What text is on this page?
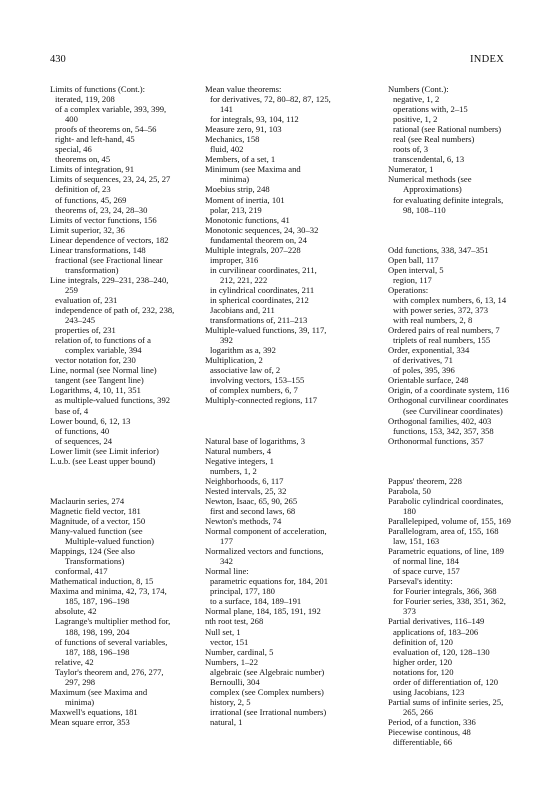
430	INDEX
Limits of functions (Cont.):
iterated, 119, 208
of a complex variable, 393, 399,
400
proofs of theorems on, 54–56
right- and left-hand, 45
special, 46
theorems on, 45
Limits of integration, 91
Limits of sequences, 23, 24, 25, 27
definition of, 23
of functions, 45, 269
theorems of, 23, 24, 28–30
Limits of vector functions, 156
Limit superior, 32, 36
Linear dependence of vectors, 182
Linear transformations, 148
fractional (see Fractional linear
transformation)
Line integrals, 229–231, 238–240,
259
evaluation of, 231
independence of path of, 232, 238,
243–245
properties of, 231
relation of, to functions of a
complex variable, 394
vector notation for, 230
Line, normal (see Normal line)
tangent (see Tangent line)
Logarithms, 4, 10, 11, 351
as multiple-valued functions, 392
base of, 4
Lower bound, 6, 12, 13
of functions, 40
of sequences, 24
Lower limit (see Limit inferior)
L.u.b. (see Least upper bound)
Maclaurin series, 274
Magnetic field vector, 181
Magnitude, of a vector, 150
Many-valued function (see
Multiple-valued function)
Mappings, 124 (See also
Transformations)
conformal, 417
Mathematical induction, 8, 15
Maxima and minima, 42, 73, 174,
185, 187, 196–198
absolute, 42
Lagrange's multiplier method for,
188, 198, 199, 204
of functions of several variables,
187, 188, 196–198
relative, 42
Taylor's theorem and, 276, 277,
297, 298
Maximum (see Maxima and
minima)
Maxwell's equations, 181
Mean square error, 353
Mean value theorems:
for derivatives, 72, 80–82, 87, 125,
141
for integrals, 93, 104, 112
Measure zero, 91, 103
Mechanics, 158
fluid, 402
Members, of a set, 1
Minimum (see Maxima and
minima)
Moebius strip, 248
Moment of inertia, 101
polar, 213, 219
Monotonic functions, 41
Monotonic sequences, 24, 30–32
fundamental theorem on, 24
Multiple integrals, 207–228
improper, 316
in curvilinear coordinates, 211,
212, 221, 222
in cylindrical coordinates, 211
in spherical coordinates, 212
Jacobians and, 211
transformations of, 211–213
Multiple-valued functions, 39, 117,
392
logarithm as a, 392
Multiplication, 2
associative law of, 2
involving vectors, 153–155
of complex numbers, 6, 7
Multiply-connected regions, 117
Natural base of logarithms, 3
Natural numbers, 4
Negative integers, 1
numbers, 1, 2
Neighborhoods, 6, 117
Nested intervals, 25, 32
Newton, Isaac, 65, 90, 265
first and second laws, 68
Newton's methods, 74
Normal component of acceleration,
177
Normalized vectors and functions,
342
Normal line:
parametric equations for, 184, 201
principal, 177, 180
to a surface, 184, 189–191
Normal plane, 184, 185, 191, 192
nth root test, 268
Null set, 1
vector, 151
Number, cardinal, 5
Numbers, 1–22
algebraic (see Algebraic number)
Bernoulli, 304
complex (see Complex numbers)
history, 2, 5
irrational (see Irrational numbers)
natural, 1
Numbers (Cont.):
negative, 1, 2
operations with, 2–15
positive, 1, 2
rational (see Rational numbers)
real (see Real numbers)
roots of, 3
transcendental, 6, 13
Numerator, 1
Numerical methods (see
Approximations)
for evaluating definite integrals,
98, 108–110
Odd functions, 338, 347–351
Open ball, 117
Open interval, 5
region, 117
Operations:
with complex numbers, 6, 13, 14
with power series, 372, 373
with real numbers, 2, 8
Ordered pairs of real numbers, 7
triplets of real numbers, 155
Order, exponential, 334
of derivatives, 71
of poles, 395, 396
Orientable surface, 248
Origin, of a coordinate system, 116
Orthogonal curvilinear coordinates
(see Curvilinear coordinates)
Orthogonal families, 402, 403
functions, 153, 342, 357, 358
Orthonormal functions, 357
Pappus' theorem, 228
Parabola, 50
Parabolic cylindrical coordinates,
180
Parallelepiped, volume of, 155, 169
Parallelogram, area of, 155, 168
law, 151, 163
Parametric equations, of line, 189
of normal line, 184
of space curve, 157
Parseval's identity:
for Fourier integrals, 366, 368
for Fourier series, 338, 351, 362,
373
Partial derivatives, 116–149
applications of, 183–206
definition of, 120
evaluation of, 120, 128–130
higher order, 120
notations for, 120
order of differentiation of, 120
using Jacobians, 123
Partial sums of infinite series, 25,
265, 266
Period, of a function, 336
Piecewise continous, 48
differentiable, 66
